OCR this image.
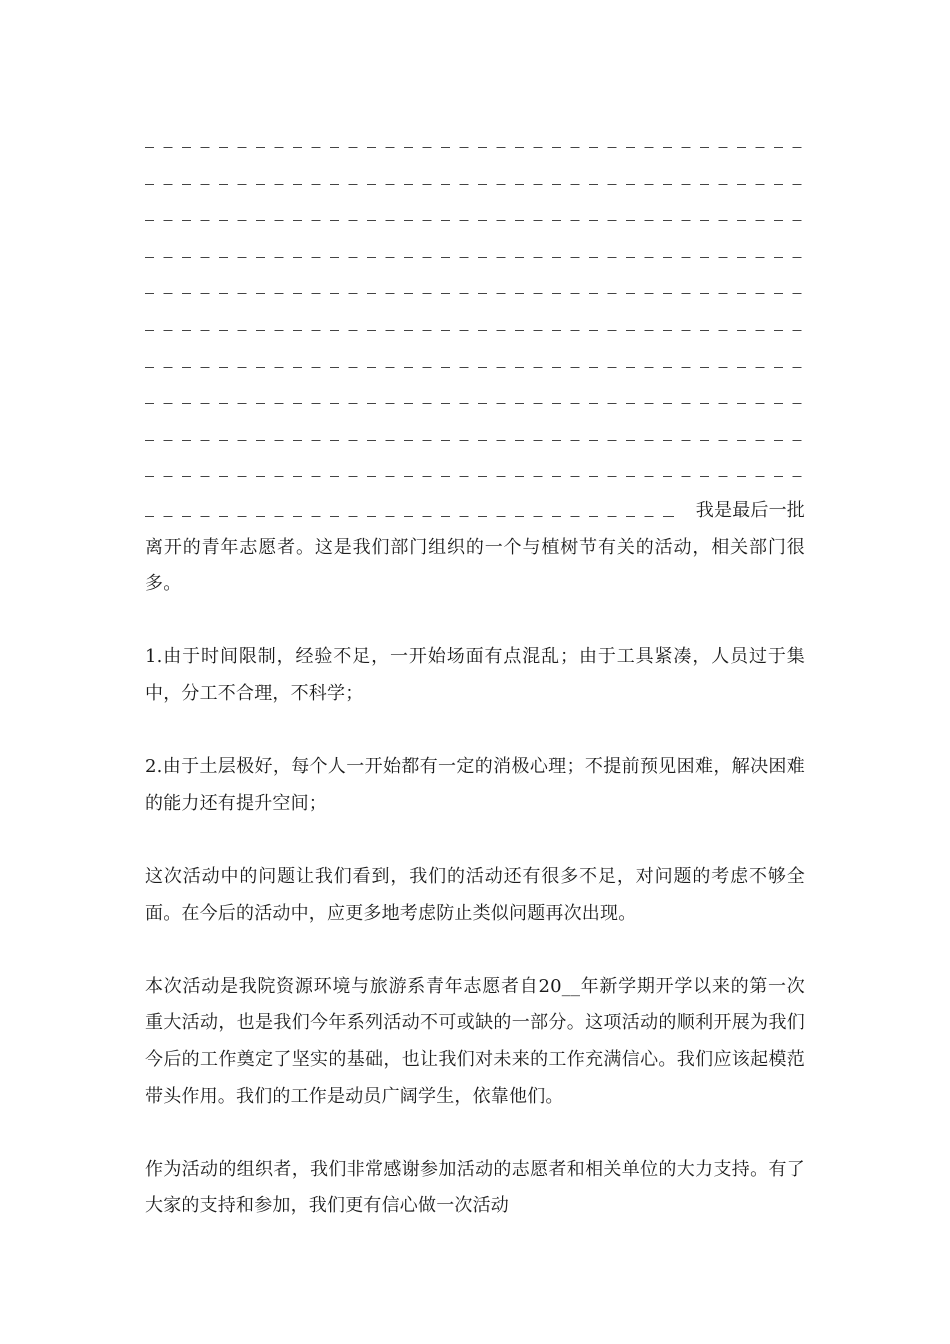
我是最后一批

离开的青年志愿者。这是我们部门组织的一个与植树节有关的活动，相关部门很多。

1.由于时间限制，经验不足，一开始场面有点混乱；由于工具紧凑，人员过于集中，分工不合理，不科学；

2.由于土层极好，每个人一开始都有一定的消极心理；不提前预见困难，解决困难的能力还有提升空间；

这次活动中的问题让我们看到，我们的活动还有很多不足，对问题的考虑不够全面。在今后的活动中，应更多地考虑防止类似问题再次出现。

本次活动是我院资源环境与旅游系青年志愿者自20__年新学期开学以来的第一次重大活动，也是我们今年系列活动不可或缺的一部分。这项活动的顺利开展为我们今后的工作奠定了坚实的基础，也让我们对未来的工作充满信心。我们应该起模范带头作用。我们的工作是动员广阔学生，依靠他们。

作为活动的组织者，我们非常感谢参加活动的志愿者和相关单位的大力支持。有了大家的支持和参加，我们更有信心做一次活动
